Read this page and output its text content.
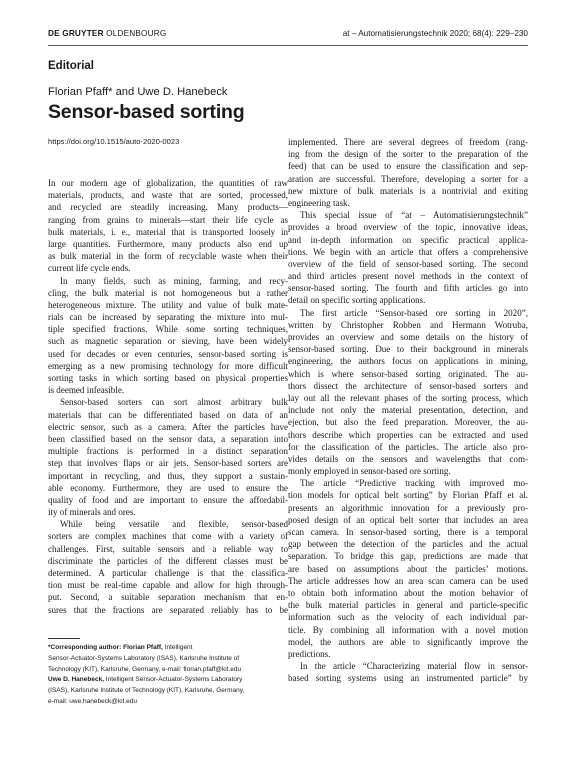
DE GRUYTER OLDENBOURG	at – Automatisierungstechnik 2020; 68(4): 229–230
Editorial
Florian Pfaff* and Uwe D. Hanebeck
Sensor-based sorting
https://doi.org/10.1515/auto-2020-0023
In our modern age of globalization, the quantities of raw
materials, products, and waste that are sorted, processed,
and recycled are steadily increasing. Many products—
ranging from grains to minerals—start their life cycle as
bulk materials, i. e., material that is transported loosely in
large quantities. Furthermore, many products also end up
as bulk material in the form of recyclable waste when their
current life cycle ends.
In many fields, such as mining, farming, and recy-
cling, the bulk material is not homogeneous but a rather
heterogeneous mixture. The utility and value of bulk mate-
rials can be increased by separating the mixture into mul-
tiple specified fractions. While some sorting techniques,
such as magnetic separation or sieving, have been widely
used for decades or even centuries, sensor-based sorting is
emerging as a new promising technology for more difficult
sorting tasks in which sorting based on physical properties
is deemed infeasible.
Sensor-based sorters can sort almost arbitrary bulk
materials that can be differentiated based on data of an
electric sensor, such as a camera. After the particles have
been classified based on the sensor data, a separation into
multiple fractions is performed in a distinct separation
step that involves flaps or air jets. Sensor-based sorters are
important in recycling, and thus, they support a sustain-
able economy. Furthermore, they are used to ensure the
quality of food and are important to ensure the affordabil-
ity of minerals and ores.
While being versatile and flexible, sensor-based
sorters are complex machines that come with a variety of
challenges. First, suitable sensors and a reliable way to
discriminate the particles of the different classes must be
determined. A particular challenge is that the classifica-
tion must be real-time capable and allow for high through-
put. Second, a suitable separation mechanism that en-
sures that the fractions are separated reliably has to be
implemented. There are several degrees of freedom (rang-
ing from the design of the sorter to the preparation of the
feed) that can be used to ensure the classification and sep-
aration are successful. Therefore, developing a sorter for a
new mixture of bulk materials is a nontrivial and exiting
engineering task.
This special issue of “at – Automatisierungstechnik”
provides a broad overview of the topic, innovative ideas,
and in-depth information on specific practical applica-
tions. We begin with an article that offers a comprehensive
overview of the field of sensor-based sorting. The second
and third articles present novel methods in the context of
sensor-based sorting. The fourth and fifth articles go into
detail on specific sorting applications.
The first article “Sensor-based ore sorting in 2020”,
written by Christopher Robben and Hermann Wotruba,
provides an overview and some details on the history of
sensor-based sorting. Due to their background in minerals
engineering, the authors focus on applications in mining,
which is where sensor-based sorting originated. The au-
thors dissect the architecture of sensor-based sorters and
lay out all the relevant phases of the sorting process, which
include not only the material presentation, detection, and
ejection, but also the feed preparation. Moreover, the au-
thors describe which properties can be extracted and used
for the classification of the particles. The article also pro-
vides details on the sensors and wavelengths that com-
monly employed in sensor-based ore sorting.
The article “Predictive tracking with improved mo-
tion models for optical belt sorting” by Florian Pfaff et al.
presents an algorithmic innovation for a previously pro-
posed design of an optical belt sorter that includes an area
scan camera. In sensor-based sorting, there is a temporal
gap between the detection of the particles and the actual
separation. To bridge this gap, predictions are made that
are based on assumptions about the particles’ motions.
The article addresses how an area scan camera can be used
to obtain both information about the motion behavior of
the bulk material particles in general and particle-specific
information such as the velocity of each individual par-
ticle. By combining all information with a novel motion
model, the authors are able to significantly improve the
predictions.
In the article “Characterizing material flow in sensor-
based sorting systems using an instrumented particle” by
*Corresponding author: Florian Pfaff, Intelligent
Sensor-Actuator-Systems Laboratory (ISAS), Karlsruhe Institute of
Technology (KIT), Karlsruhe, Germany, e-mail: florian.pfaff@kit.edu
Uwe D. Hanebeck, Intelligent Sensor-Actuator-Systems Laboratory
(ISAS), Karlsruhe Institute of Technology (KIT), Karlsruhe, Germany,
e-mail: uwe.hanebeck@kit.edu
